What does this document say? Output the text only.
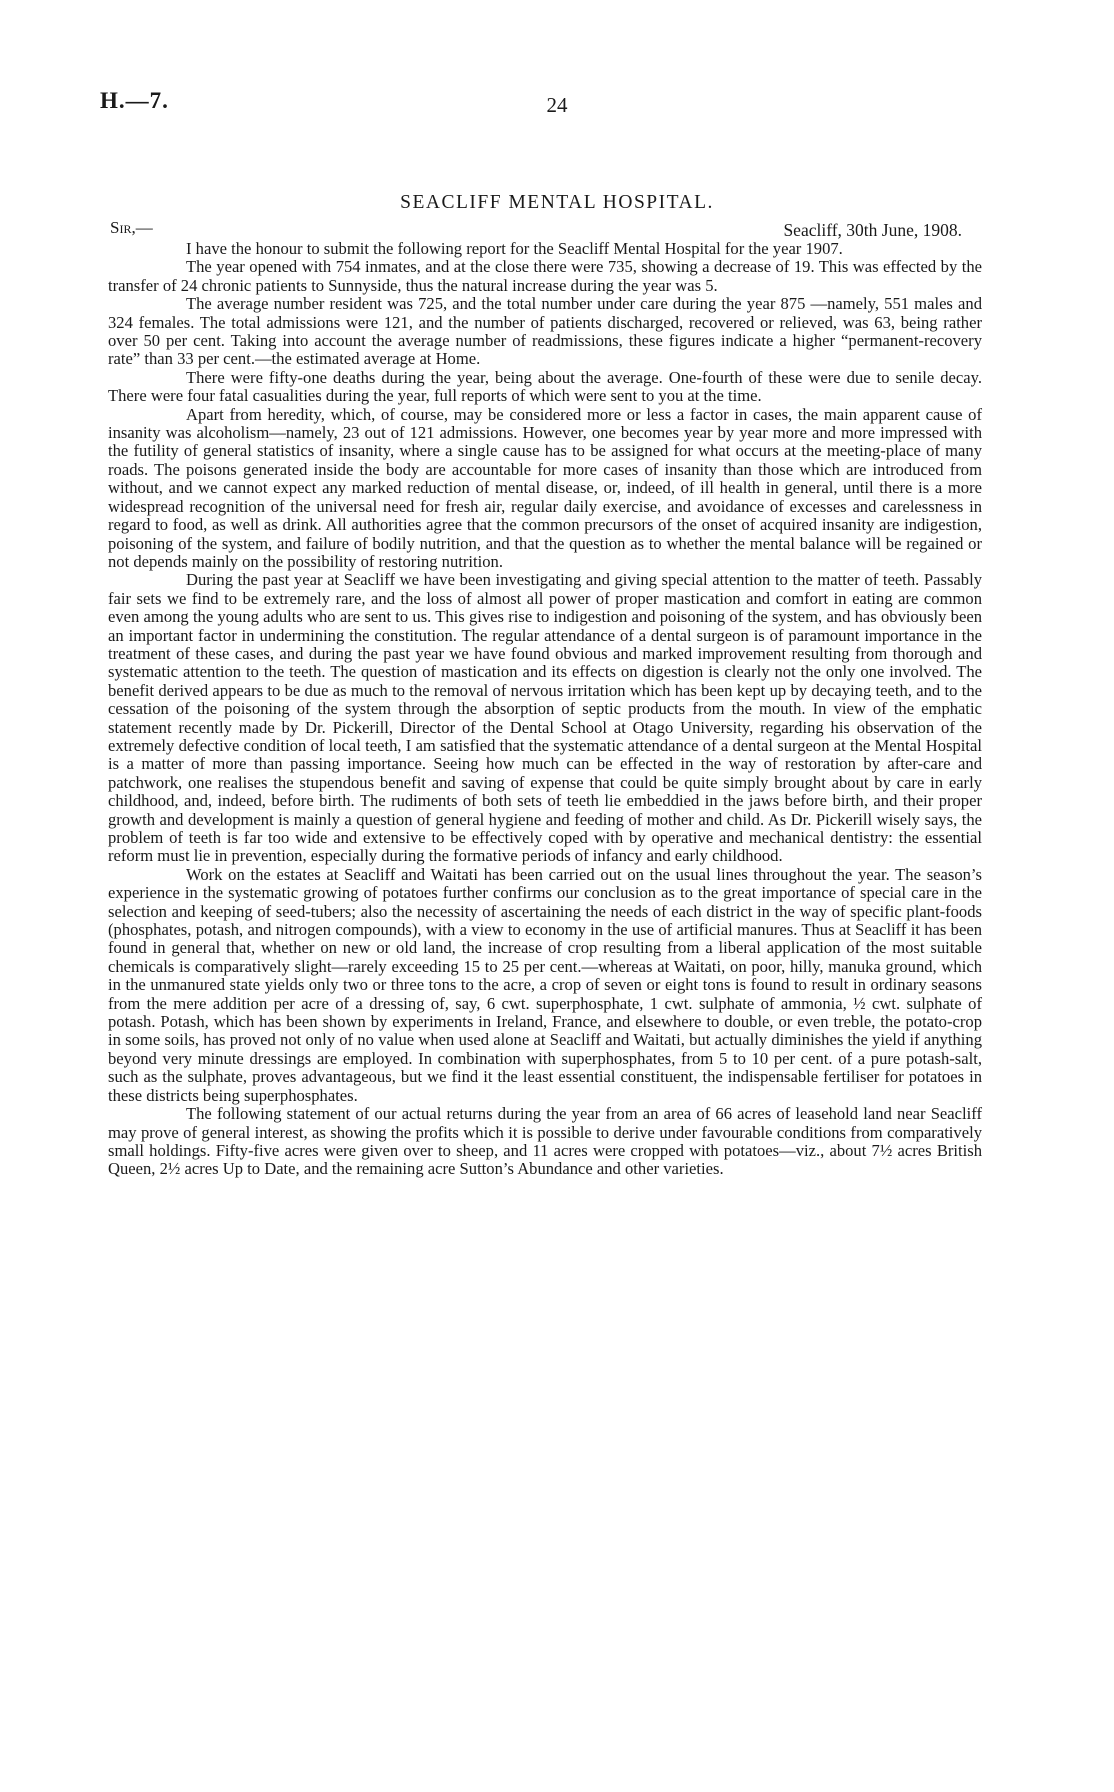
H.—7.	24
SEACLIFF MENTAL HOSPITAL.
Sir,—	Seacliff, 30th June, 1908.

I have the honour to submit the following report for the Seacliff Mental Hospital for the year 1907.

The year opened with 754 inmates, and at the close there were 735, showing a decrease of 19. This was effected by the transfer of 24 chronic patients to Sunnyside, thus the natural increase during the year was 5.

The average number resident was 725, and the total number under care during the year 875 —namely, 551 males and 324 females. The total admissions were 121, and the number of patients discharged, recovered or relieved, was 63, being rather over 50 per cent. Taking into account the average number of readmissions, these figures indicate a higher “permanent-recovery rate” than 33 per cent.—the estimated average at Home.

There were fifty-one deaths during the year, being about the average. One-fourth of these were due to senile decay. There were four fatal casualities during the year, full reports of which were sent to you at the time.

Apart from heredity, which, of course, may be considered more or less a factor in cases, the main apparent cause of insanity was alcoholism—namely, 23 out of 121 admissions. However, one becomes year by year more and more impressed with the futility of general statistics of insanity, where a single cause has to be assigned for what occurs at the meeting-place of many roads. The poisons generated inside the body are accountable for more cases of insanity than those which are introduced from without, and we cannot expect any marked reduction of mental disease, or, indeed, of ill health in general, until there is a more widespread recognition of the universal need for fresh air, regular daily exercise, and avoidance of excesses and carelessness in regard to food, as well as drink. All authorities agree that the common precursors of the onset of acquired insanity are indigestion, poisoning of the system, and failure of bodily nutrition, and that the question as to whether the mental balance will be regained or not depends mainly on the possibility of restoring nutrition.

During the past year at Seacliff we have been investigating and giving special attention to the matter of teeth. Passably fair sets we find to be extremely rare, and the loss of almost all power of proper mastication and comfort in eating are common even among the young adults who are sent to us. This gives rise to indigestion and poisoning of the system, and has obviously been an important factor in undermining the constitution. The regular attendance of a dental surgeon is of paramount importance in the treatment of these cases, and during the past year we have found obvious and marked improvement resulting from thorough and systematic attention to the teeth. The question of mastication and its effects on digestion is clearly not the only one involved. The benefit derived appears to be due as much to the removal of nervous irritation which has been kept up by decaying teeth, and to the cessation of the poisoning of the system through the absorption of septic products from the mouth. In view of the emphatic statement recently made by Dr. Pickerill, Director of the Dental School at Otago University, regarding his observation of the extremely defective condition of local teeth, I am satisfied that the systematic attendance of a dental surgeon at the Mental Hospital is a matter of more than passing importance. Seeing how much can be effected in the way of restoration by after-care and patchwork, one realises the stupendous benefit and saving of expense that could be quite simply brought about by care in early childhood, and, indeed, before birth. The rudiments of both sets of teeth lie embeddied in the jaws before birth, and their proper growth and development is mainly a question of general hygiene and feeding of mother and child. As Dr. Pickerill wisely says, the problem of teeth is far too wide and extensive to be effectively coped with by operative and mechanical dentistry: the essential reform must lie in prevention, especially during the formative periods of infancy and early childhood.

Work on the estates at Seacliff and Waitati has been carried out on the usual lines throughout the year. The season’s experience in the systematic growing of potatoes further confirms our conclusion as to the great importance of special care in the selection and keeping of seed-tubers; also the necessity of ascertaining the needs of each district in the way of specific plant-foods (phosphates, potash, and nitrogen compounds), with a view to economy in the use of artificial manures. Thus at Seacliff it has been found in general that, whether on new or old land, the increase of crop resulting from a liberal application of the most suitable chemicals is comparatively slight—rarely exceeding 15 to 25 per cent.—whereas at Waitati, on poor, hilly, manuka ground, which in the unmanured state yields only two or three tons to the acre, a crop of seven or eight tons is found to result in ordinary seasons from the mere addition per acre of a dressing of, say, 6 cwt. superphosphate, 1 cwt. sulphate of ammonia, ½ cwt. sulphate of potash. Potash, which has been shown by experiments in Ireland, France, and elsewhere to double, or even treble, the potato-crop in some soils, has proved not only of no value when used alone at Seacliff and Waitati, but actually diminishes the yield if anything beyond very minute dressings are employed. In combination with superphosphates, from 5 to 10 per cent. of a pure potash-salt, such as the sulphate, proves advantageous, but we find it the least essential constituent, the indispensable fertiliser for potatoes in these districts being superphosphates.

The following statement of our actual returns during the year from an area of 66 acres of leasehold land near Seacliff may prove of general interest, as showing the profits which it is possible to derive under favourable conditions from comparatively small holdings. Fifty-five acres were given over to sheep, and 11 acres were cropped with potatoes—viz., about 7½ acres British Queen, 2½ acres Up to Date, and the remaining acre Sutton’s Abundance and other varieties.
